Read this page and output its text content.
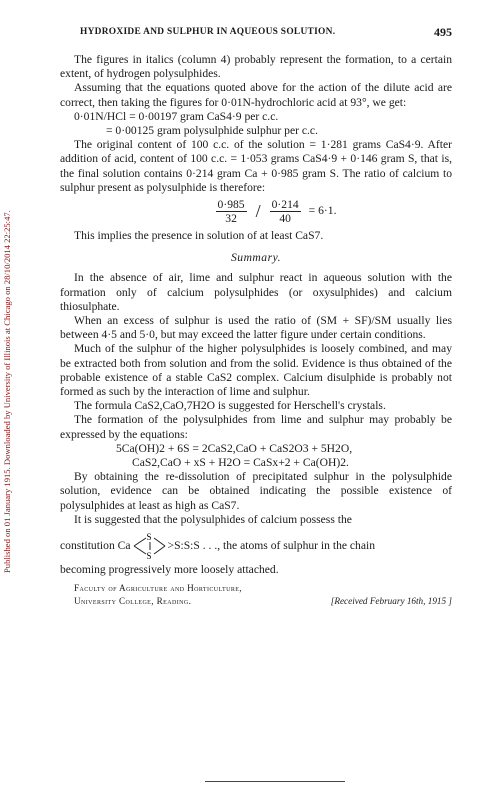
Published on 01 January 1915. Downloaded by University of Illinois at Chicago on 28/10/2014 22:25:47.
HYDROXIDE AND SULPHUR IN AQUEOUS SOLUTION.	495

The figures in italics (column 4) probably represent the formation, to a certain extent, of hydrogen polysulphides.

Assuming that the equations quoted above for the action of the dilute acid are correct, then taking the figures for 0·01N-hydrochloric acid at 93°, we get:

0·01N/HCl = 0·00197 gram CaS4·9 per c.c.
= 0·00125 gram polysulphide sulphur per c.c.

The original content of 100 c.c. of the solution = 1·281 grams CaS4·9. After addition of acid, content of 100 c.c. = 1·053 grams CaS4·9 + 0·146 gram S, that is, the final solution contains 0·214 gram Ca + 0·985 gram S. The ratio of calcium to sulphur present as polysulphide is therefore:

$\frac{0\cdot 985}{32} / \frac{0\cdot 214}{40} = 6\cdot 1$.

This implies the presence in solution of at least CaS7.

Summary.

In the absence of air, lime and sulphur react in aqueous solution with the formation only of calcium polysulphides (or oxysulphides) and calcium thiosulphate.

When an excess of sulphur is used the ratio of (SM + SF)/SM usually lies between 4·5 and 5·0, but may exceed the latter figure under certain conditions.

Much of the sulphur of the higher polysulphides is loosely combined, and may be extracted both from solution and from the solid. Evidence is thus obtained of the probable existence of a stable CaS2 complex. Calcium disulphide is probably not formed as such by the interaction of lime and sulphur.

The formula CaS2,CaO,7H2O is suggested for Herschell's crystals.

The formation of the polysulphides from lime and sulphur may probably be expressed by the equations:

5Ca(OH)2 + 6S = 2CaS2,CaO + CaS2O3 + 5H2O,
CaS2,CaO + xS + H2O = CaSx+2 + Ca(OH)2.

By obtaining the re-dissolution of precipitated sulphur in the polysulphide solution, evidence can be obtained indicating the possible existence of polysulphides at least as high as CaS7.

It is suggested that the polysulphides of calcium possess the

constitution Ca
S
S
>S:S:S . . ., the atoms of sulphur in the chain

becoming progressively more loosely attached.

Faculty of Agriculture and Horticulture,
University College, Reading.	[Received February 16th, 1915 ]
